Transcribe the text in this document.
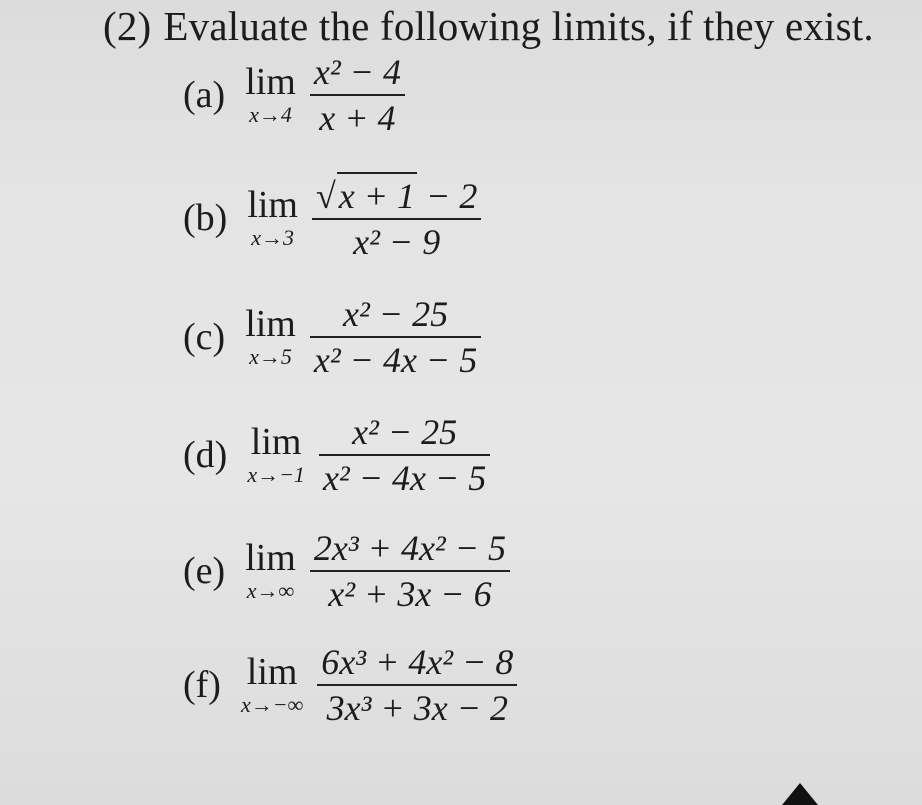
(2) Evaluate the following limits, if they exist.
(a) lim
$x\to 4 \frac{\text{x² − 4}}{x + 4}$
(b) lim
$x\to 3 \frac{√x + 1 - 2}{\text{x² − 9}}$
(c) lim
$x\to 5 \frac{\text{x² − 25}}{\text{x² − 4x − 5}}$
(d) lim
$x\to-1 \frac{\text{x² − 25}}{\text{x² − 4x − 5}}$
(e) lim
$x\to\infty \frac{\text{2x³ + 4x² − 5}}{\text{x² + 3x − 6}}$
(f) lim
$x\to-\infty \frac{\text{6x³ + 4x² − 8}}{\text{3x³ + 3x − 2}}$
